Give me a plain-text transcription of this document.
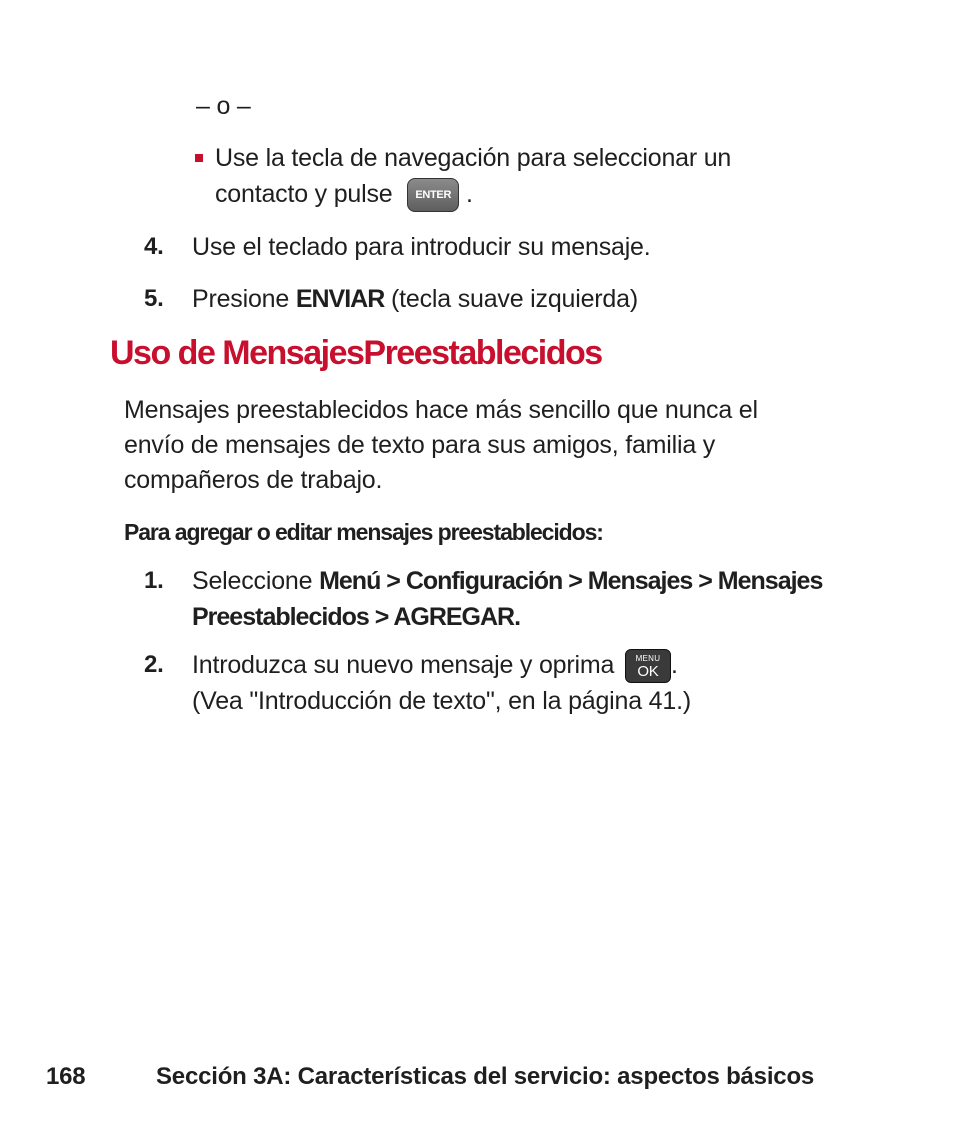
– o –
Use la tecla de navegación para seleccionar un
contacto y pulse ENTER .
4. Use el teclado para introducir su mensaje.
5. Presione ENVIAR (tecla suave izquierda)
Uso de MensajesPreestablecidos
Mensajes preestablecidos hace más sencillo que nunca el
envío de mensajes de texto para sus amigos, familia y
compañeros de trabajo.
Para agregar o editar mensajes preestablecidos:
1. Seleccione Menú > Configuración > Mensajes > Mensajes
Preestablecidos > AGREGAR.
2. Introduzca su nuevo mensaje y oprima	MENU
OK .
(Vea "Introducción de texto", en la página 41.)
168	Sección 3A: Características del servicio: aspectos básicos
